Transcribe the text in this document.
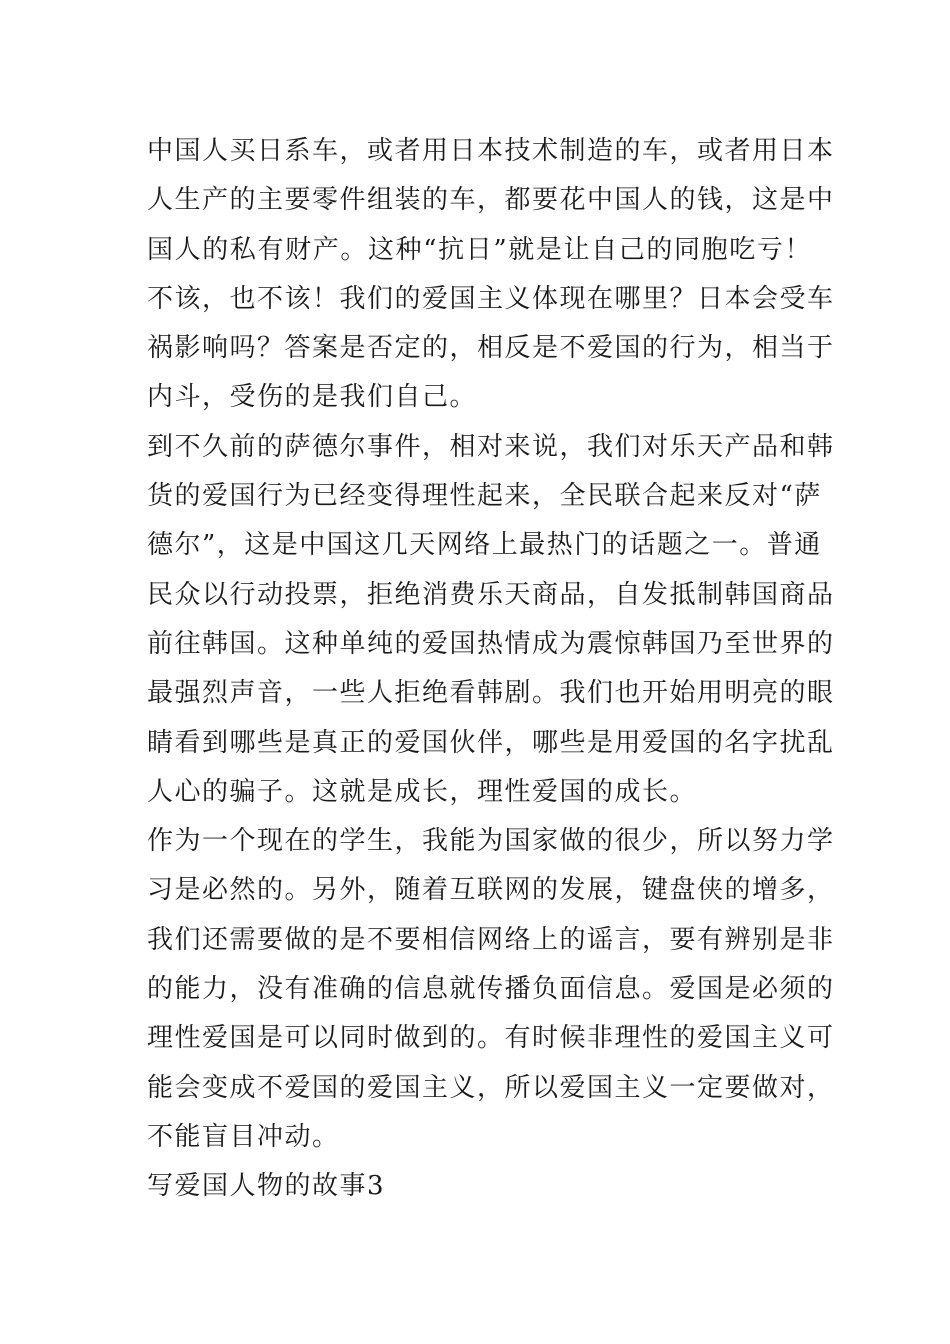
中国人买日系车，或者用日本技术制造的车，或者用日本
人生产的主要零件组装的车，都要花中国人的钱，这是中
国人的私有财产。这种“抗日”就是让自己的同胞吃亏！
不该，也不该！我们的爱国主义体现在哪里？日本会受车
祸影响吗？答案是否定的，相反是不爱国的行为，相当于
内斗，受伤的是我们自己。
到不久前的萨德尔事件，相对来说，我们对乐天产品和韩
货的爱国行为已经变得理性起来，全民联合起来反对“萨
德尔”，这是中国这几天网络上最热门的话题之一。普通
民众以行动投票，拒绝消费乐天商品，自发抵制韩国商品
前往韩国。这种单纯的爱国热情成为震惊韩国乃至世界的
最强烈声音，一些人拒绝看韩剧。我们也开始用明亮的眼
睛看到哪些是真正的爱国伙伴，哪些是用爱国的名字扰乱
人心的骗子。这就是成长，理性爱国的成长。
作为一个现在的学生，我能为国家做的很少，所以努力学
习是必然的。另外，随着互联网的发展，键盘侠的增多，
我们还需要做的是不要相信网络上的谣言，要有辨别是非
的能力，没有准确的信息就传播负面信息。爱国是必须的
理性爱国是可以同时做到的。有时候非理性的爱国主义可
能会变成不爱国的爱国主义，所以爱国主义一定要做对，
不能盲目冲动。
写爱国人物的故事3
